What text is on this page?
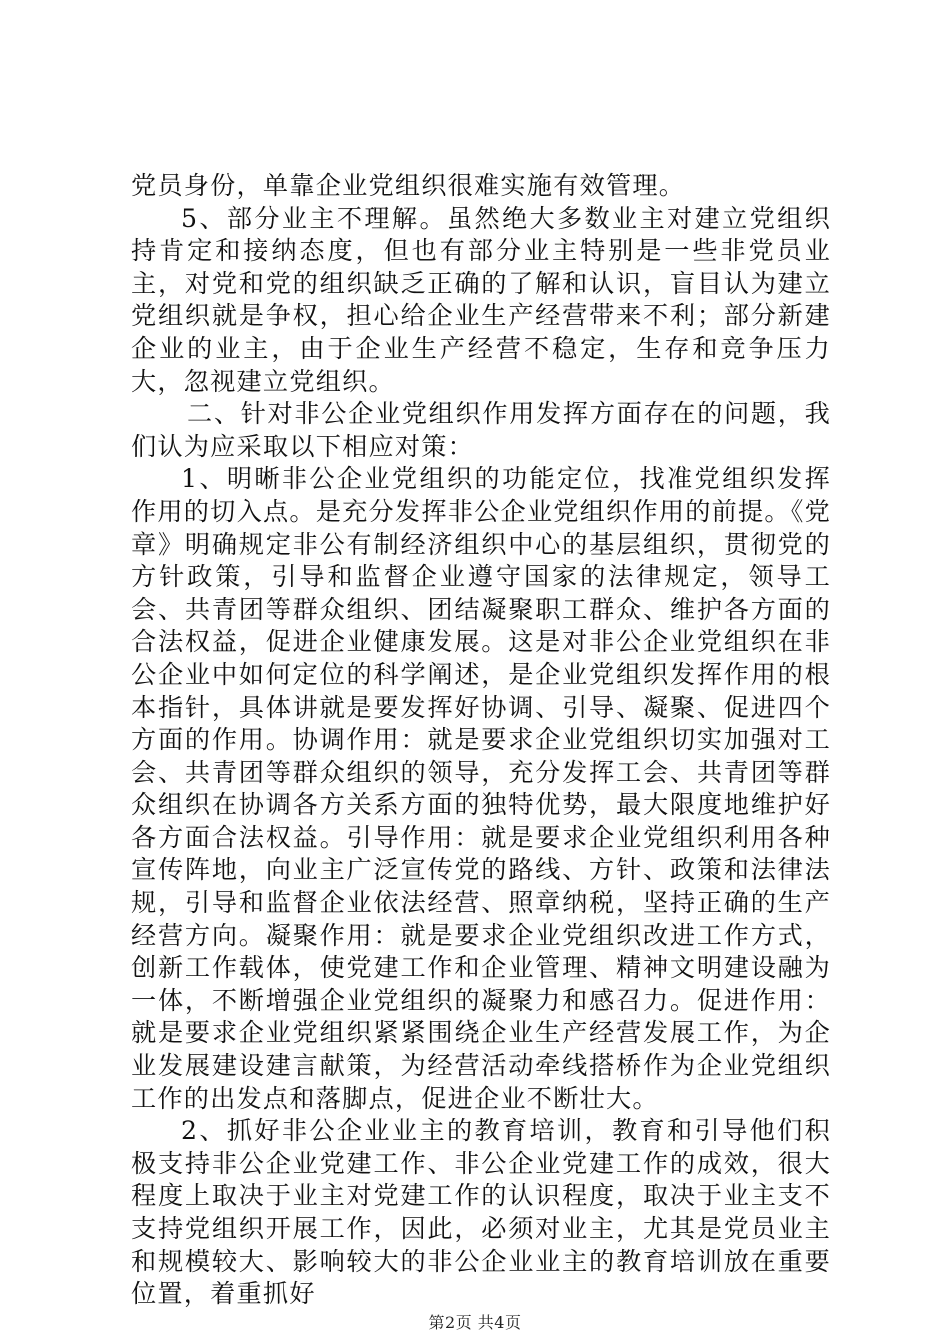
党员身份，单靠企业党组织很难实施有效管理。

5、部分业主不理解。虽然绝大多数业主对建立党组织持肯定和接纳态度，但也有部分业主特别是一些非党员业主，对党和党的组织缺乏正确的了解和认识，盲目认为建立党组织就是争权，担心给企业生产经营带来不利；部分新建企业的业主，由于企业生产经营不稳定，生存和竞争压力大，忽视建立党组织。

二、针对非公企业党组织作用发挥方面存在的问题，我们认为应采取以下相应对策：

1、明晰非公企业党组织的功能定位，找准党组织发挥作用的切入点。是充分发挥非公企业党组织作用的前提。《党章》明确规定非公有制经济组织中心的基层组织，贯彻党的方针政策，引导和监督企业遵守国家的法律规定，领导工会、共青团等群众组织、团结凝聚职工群众、维护各方面的合法权益，促进企业健康发展。这是对非公企业党组织在非公企业中如何定位的科学阐述，是企业党组织发挥作用的根本指针，具体讲就是要发挥好协调、引导、凝聚、促进四个方面的作用。协调作用：就是要求企业党组织切实加强对工会、共青团等群众组织的领导，充分发挥工会、共青团等群众组织在协调各方关系方面的独特优势，最大限度地维护好各方面合法权益。引导作用：就是要求企业党组织利用各种宣传阵地，向业主广泛宣传党的路线、方针、政策和法律法规，引导和监督企业依法经营、照章纳税，坚持正确的生产经营方向。凝聚作用：就是要求企业党组织改进工作方式，创新工作载体，使党建工作和企业管理、精神文明建设融为一体，不断增强企业党组织的凝聚力和感召力。促进作用：就是要求企业党组织紧紧围绕企业生产经营发展工作，为企业发展建设建言献策，为经营活动牵线搭桥作为企业党组织工作的出发点和落脚点，促进企业不断壮大。

2、抓好非公企业业主的教育培训，教育和引导他们积极支持非公企业党建工作、非公企业党建工作的成效，很大程度上取决于业主对党建工作的认识程度，取决于业主支不支持党组织开展工作，因此，必须对业主，尤其是党员业主和规模较大、影响较大的非公企业业主的教育培训放在重要位置，着重抓好

第2页 共4页
